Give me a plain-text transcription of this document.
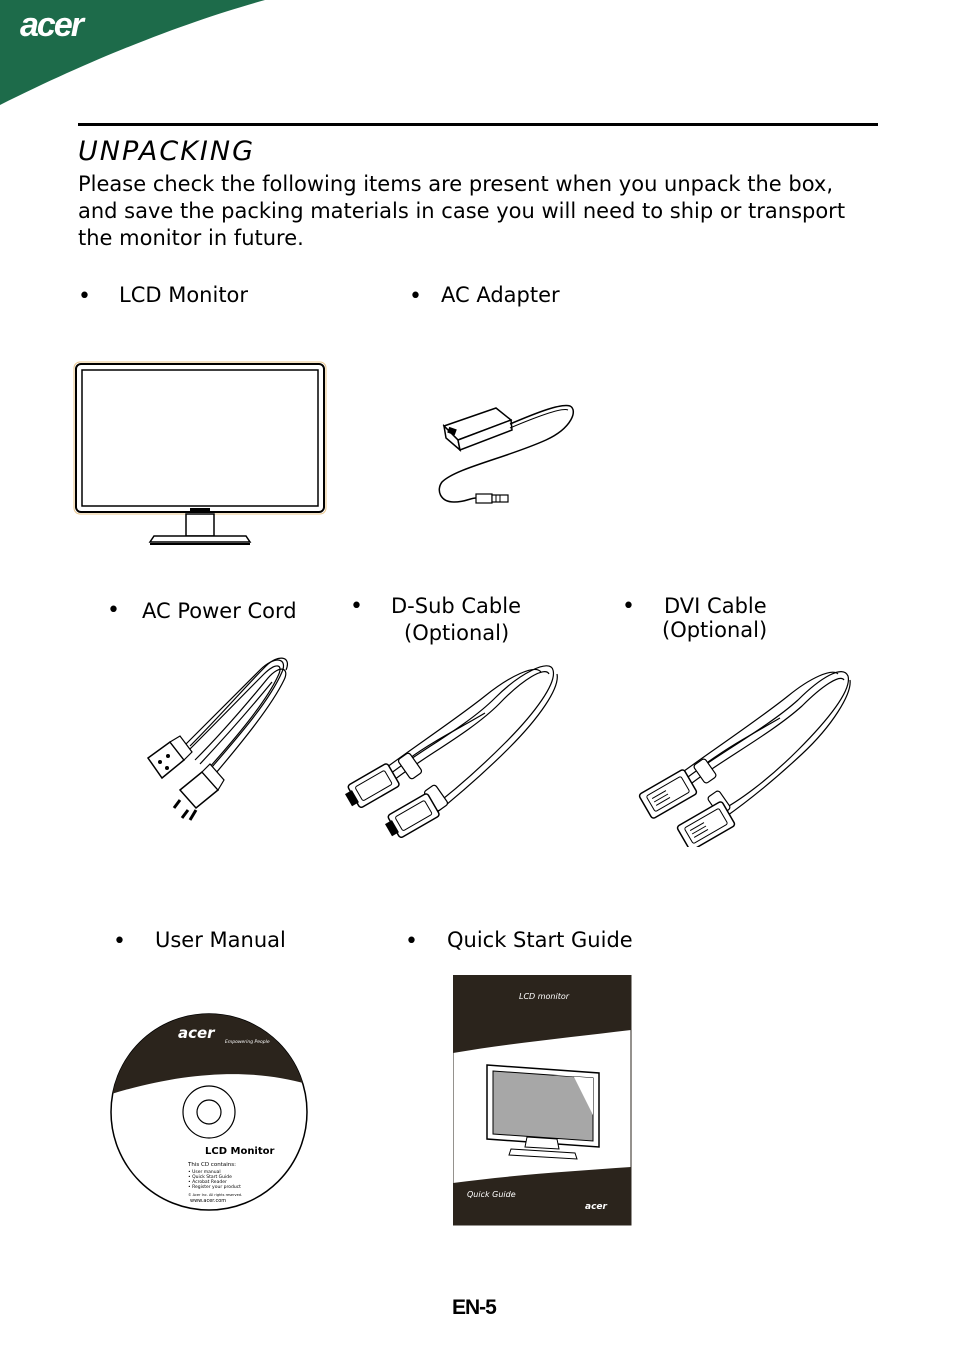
acer
UNPACKING
Please check the following items are present when you unpack the box,
and save the packing materials in case you will need to ship or transport
the monitor in future.
• LCD Monitor	• AC Adapter
• AC Power Cord • D-Sub Cable
(Optional)
• DVI Cable
(Optional)
• User Manual	• Quick Start Guide
acer
Empowering People
LCD Monitor
This CD contains:
• User manual
• Quick Start Guide
• Acrobat Reader
• Register your product
© Acer Inc. All rights reserved.
www.acer.com
LCD monitor
Quick Guide
acer
EN-5
